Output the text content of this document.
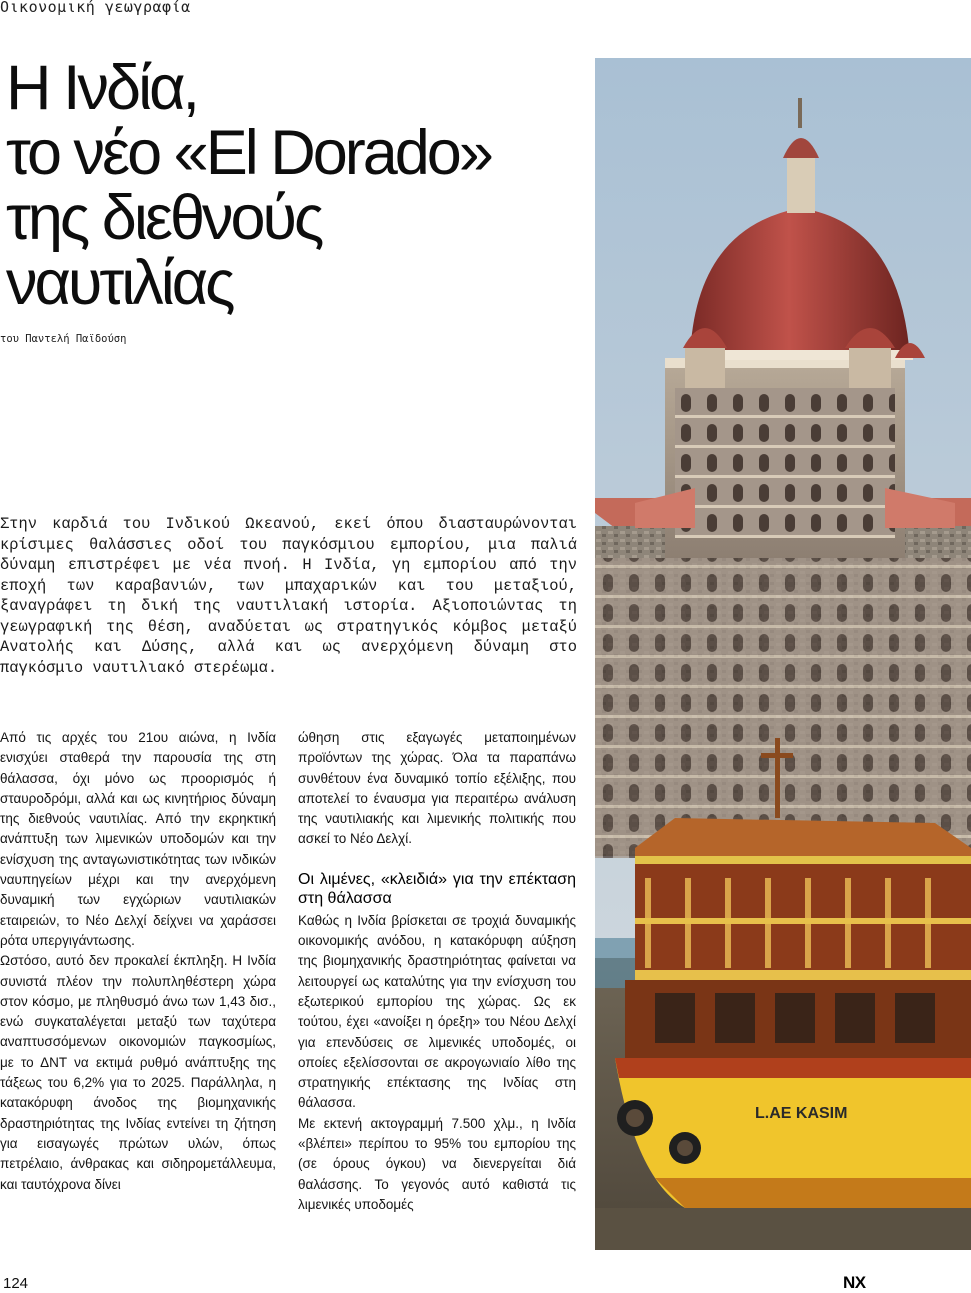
Οικονομική γεωγραφία
Η Ινδία,
το νέο «El Dorado»
της διεθνούς
ναυτιλίας
του Παντελή Παϊδούση

Στην καρδιά του Ινδικού Ωκεανού, εκεί όπου διασταυρώνονται κρίσιμες θαλάσσιες οδοί του παγκόσμιου εμπορίου, μια παλιά δύναμη επιστρέφει με νέα πνοή. Η Ινδία, γη εμπορίου από την εποχή των καραβανιών, των μπαχαρικών και του μεταξιού, ξαναγράφει τη δική της ναυτιλιακή ιστορία. Αξιοποιώντας τη γεωγραφική της θέση, αναδύεται ως στρατηγικός κόμβος μεταξύ Ανατολής και Δύσης, αλλά και ως ανερχόμενη δύναμη στο παγκόσμιο ναυτιλιακό στερέωμα.

Από τις αρχές του 21ου αιώνα, η Ινδία ενισχύει σταθερά την παρουσία της στη θάλασσα, όχι μόνο ως προορισμός ή σταυροδρόμι, αλλά και ως κινητήριος δύναμη της διεθνούς ναυτιλίας. Από την εκρηκτική ανάπτυξη των λιμενικών υποδομών και την ενίσχυση της ανταγωνιστικότητας των ινδικών ναυπηγείων μέχρι και την ανερχόμενη δυναμική των εγχώριων ναυτιλιακών εταιρειών, το Νέο Δελχί δείχνει να χαράσσει ρότα υπεργιγάντωσης.

Ωστόσο, αυτό δεν προκαλεί έκπληξη. Η Ινδία συνιστά πλέον την πολυπληθέστερη χώρα στον κόσμο, με πληθυσμό άνω των 1,43 δισ., ενώ συγκαταλέγεται μεταξύ των ταχύτερα αναπτυσσόμενων οικονομιών παγκοσμίως, με το ΔΝΤ να εκτιμά ρυθμό ανάπτυξης της τάξεως του 6,2% για το 2025. Παράλληλα, η κατακόρυφη άνοδος της βιομηχανικής δραστηριότητας της Ινδίας εντείνει τη ζήτηση για εισαγωγές πρώτων υλών, όπως πετρέλαιο, άνθρακας και σιδηρομετάλλευμα, και ταυτόχρονα δίνει

ώθηση στις εξαγωγές μεταποιημένων προϊόντων της χώρας. Όλα τα παραπάνω συνθέτουν ένα δυναμικό τοπίο εξέλιξης, που αποτελεί το έναυσμα για περαιτέρω ανάλυση της ναυτιλιακής και λιμενικής πολιτικής που ασκεί το Νέο Δελχί.

Οι λιμένες, «κλειδιά» για την επέκταση στη θάλασσα

Καθώς η Ινδία βρίσκεται σε τροχιά δυναμικής οικονομικής ανόδου, η κατακόρυφη αύξηση της βιομηχανικής δραστηριότητας φαίνεται να λειτουργεί ως καταλύτης για την ενίσχυση του εξωτερικού εμπορίου της χώρας. Ως εκ τούτου, έχει «ανοίξει η όρεξη» του Νέου Δελχί για επενδύσεις σε λιμενικές υποδομές, οι οποίες εξελίσσονται σε ακρογωνιαίο λίθο της στρατηγικής επέκτασης της Ινδίας στη θάλασσα.

Με εκτενή ακτογραμμή 7.500 χλμ., η Ινδία «βλέπει» περίπου το 95% του εμπορίου της (σε όρους όγκου) να διενεργείται διά θαλάσσης. Το γεγονός αυτό καθιστά τις λιμενικές υποδομές

L.AE KASIM
124	NX
